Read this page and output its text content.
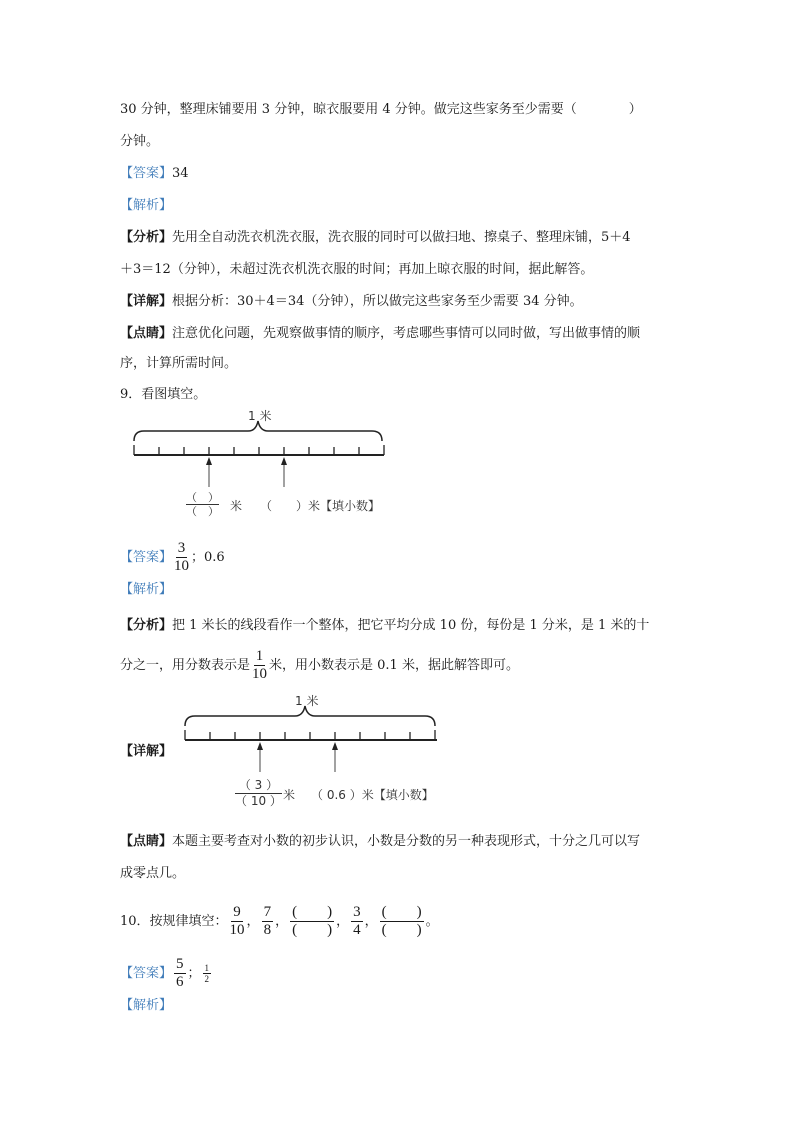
30 分钟，整理床铺要用 3 分钟，晾衣服要用 4 分钟。做完这些家务至少需要（　　　　）
分钟。
【答案】34
【解析】
【分析】先用全自动洗衣机洗衣服，洗衣服的同时可以做扫地、擦桌子、整理床铺，5＋4
＋3＝12（分钟），未超过洗衣机洗衣服的时间；再加上晾衣服的时间，据此解答。
【详解】根据分析：30＋4＝34（分钟），所以做完这些家务至少需要 34 分钟。
【点睛】注意优化问题，先观察做事情的顺序，考虑哪些事情可以同时做，写出做事情的顺
序，计算所需时间。
9．看图填空。
1 米
（　）
（　） 米 （　　）米【填小数】
【答案】 $\frac{3}{10}$ ；0.6
【解析】
【分析】把 1 米长的线段看作一个整体，把它平均分成 10 份，每份是 1 分米，是 1 米的十
分之一，用分数表示是 $\frac{1}{10}$ 米，用小数表示是 0.1 米，据此解答即可。
【详解】
1 米
$\frac{( 3 )}{( 10 )}$ 米 （ 0.6 ）米【填小数】
【点睛】本题主要考查对小数的初步认识，小数是分数的另一种表现形式，十分之几可以写
成零点几。
10．按规律填空： $\frac{9}{10}$ ， $\frac{7}{8}$ ， $\frac{( )}{( )}$ ， $\frac{3}{4}$ ， $\frac{( )}{( )}$ 。
【答案】 $\frac{5}{6}$ ； $\frac{1}{2}$
【解析】
